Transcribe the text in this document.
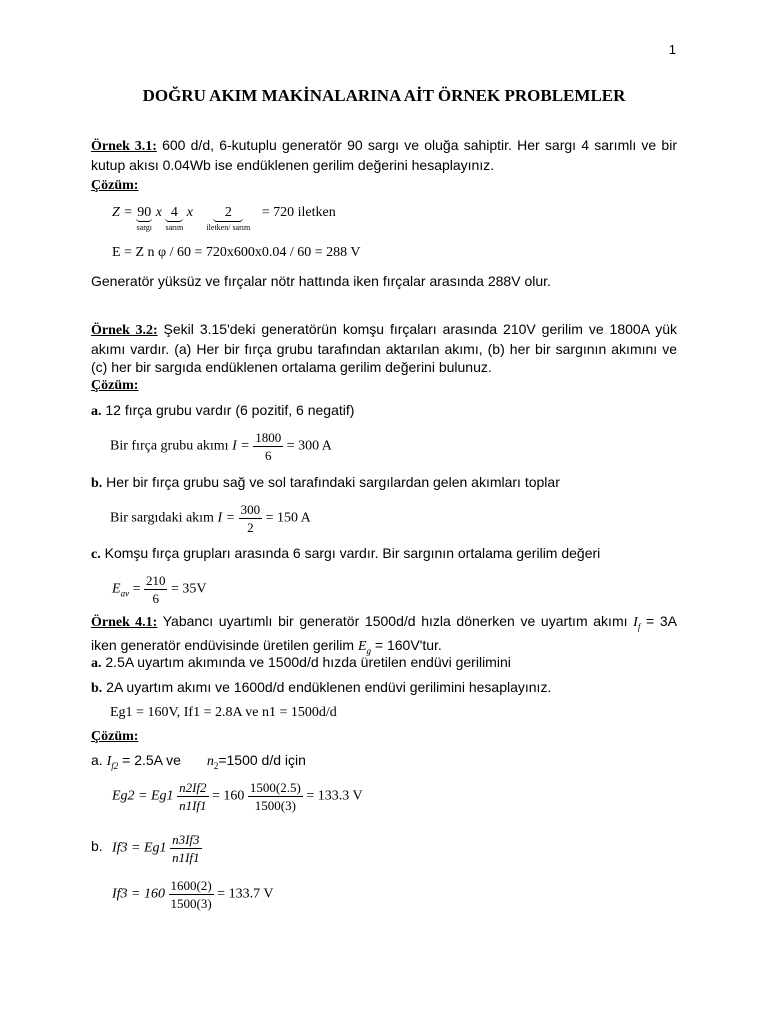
1
DOĞRU AKIM MAKİNALARINA AİT ÖRNEK PROBLEMLER
Örnek 3.1: 600 d/d, 6-kutuplu generatör 90 sargı ve oluğa sahiptir. Her sargı 4 sarımlı ve bir kutup akısı 0.04Wb ise endüklenen gerilim değerini hesaplayınız.
Çözüm:
Z = 90
sargı
x 4
sarım
x 2
iletken/ sarım
= 720 iletken
E = Z n φ / 60 = 720x600x0.04 / 60 = 288 V
Generatör yüksüz ve fırçalar nötr hattında iken fırçalar arasında 288V olur.
Örnek 3.2: Şekil 3.15'deki generatörün komşu fırçaları arasında 210V gerilim ve 1800A yük akımı vardır. (a) Her bir fırça grubu tarafından aktarılan akımı, (b) her bir sargının akımını ve (c) her bir sargıda endüklenen ortalama gerilim değerini bulunuz.
Çözüm:
a. 12 fırça grubu vardır (6 pozitif, 6 negatif)
Bir fırça grubu akımı $I = \frac{1800}{6} = 300$ A
b. Her bir fırça grubu sağ ve sol tarafındaki sargılardan gelen akımları toplar
Bir sargıdaki akım $I = \frac{300}{2} = 150$ A
c. Komşu fırça grupları arasında 6 sargı vardır. Bir sargının ortalama gerilim değeri
$E_{av} = \frac{210}{6} = 35V$
Örnek 4.1: Yabancı uyartımlı bir generatör 1500d/d hızla dönerken ve uyartım akımı $I_f = 3A$ iken generatör endüvisinde üretilen gerilim $E_g = 160V'tur$.
a. 2.5A uyartım akımında ve 1500d/d hızda üretilen endüvi gerilimini
b. 2A uyartım akımı ve 1600d/d endüklenen endüvi gerilimini hesaplayınız.
Eg1 = 160V, If1 = 2.8A ve n1 = 1500d/d
Çözüm:
a. $I_{f2} = 2.5A$ ve $n_2=1500$ d/d için
$Eg2 = Eg1 \frac{n2If2}{n1If1} = 160 \frac{1500(2.5)}{1500(3)} = 133.3$ V
b. $If3 = Eg1 \frac{n3If3}{n1If1}$
$If3 = 160 \frac{1600(2)}{1500(3)} = 133.7$ V
